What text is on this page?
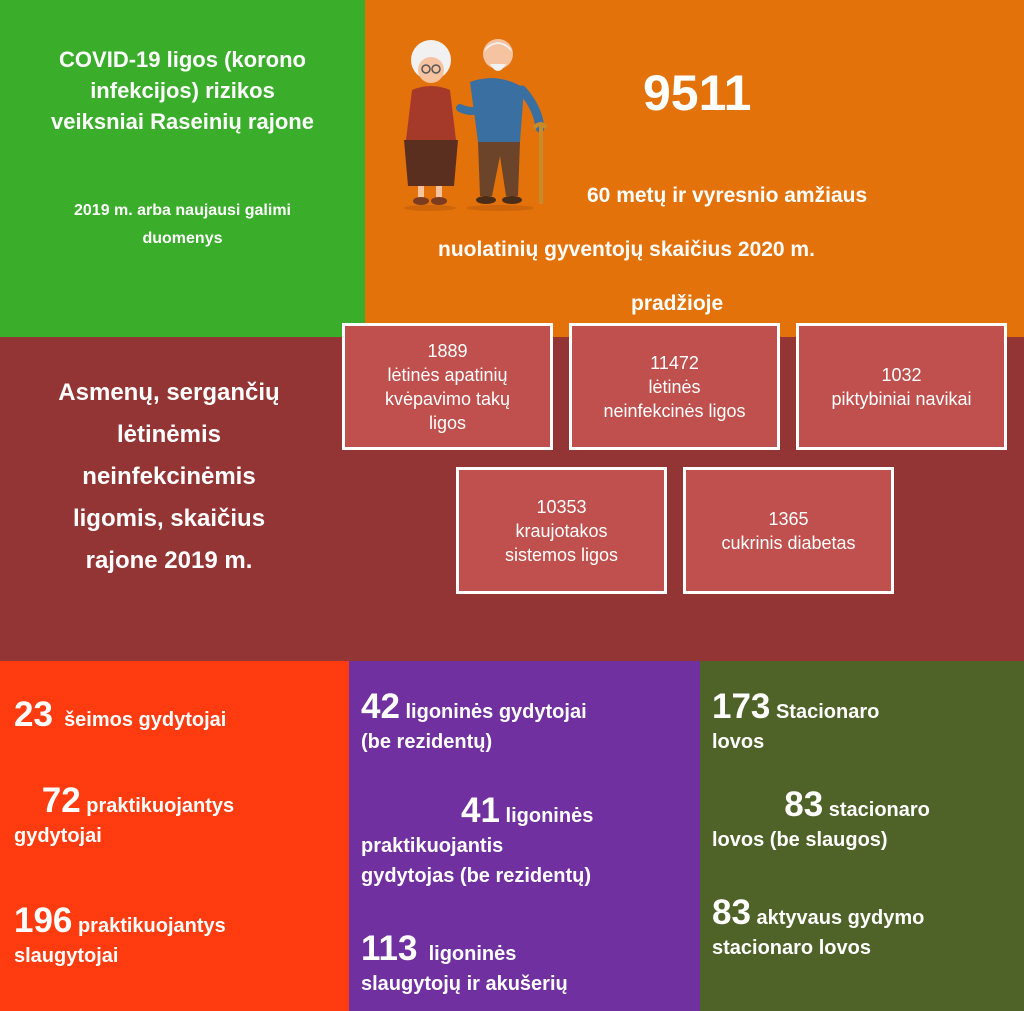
COVID-19 ligos (korono
infekcijos) rizikos
veiksniai Raseinių rajone
2019 m. arba naujausi galimi
duomenys
9511
60 metų ir vyresnio amžiaus
nuolatinių gyventojų skaičius 2020 m.
pradžioje
Asmenų, sergančių
lėtinėmis
neinfekcinėmis
ligomis, skaičius
rajone 2019 m.
1889
lėtinės apatinių
kvėpavimo takų
ligos
11472
lėtinės
neinfekcinės ligos
1032
piktybiniai navikai
10353
kraujotakos
sistemos ligos
1365
cukrinis diabetas
23 šeimos gydytojai
72 praktikuojantys
gydytojai
196 praktikuojantys
slaugytojai
42 ligoninės gydytojai
(be rezidentų)
41 ligoninės
praktikuojantis
gydytojas (be rezidentų)
113 ligoninės
slaugytojų ir akušerių
173 Stacionaro
lovos
83 stacionaro
lovos (be slaugos)
83 aktyvaus gydymo
stacionaro lovos
